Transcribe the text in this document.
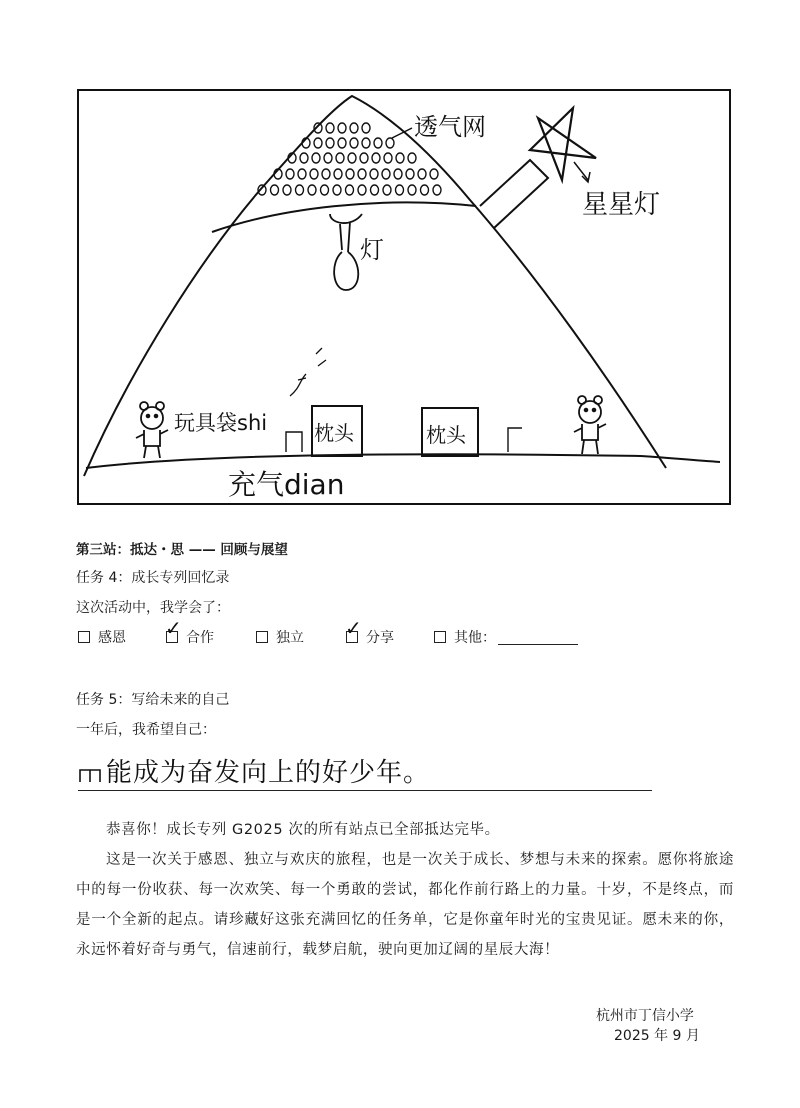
透气网
星星灯
灯
玩具袋shi 枕头	枕头
充气dian
第三站：抵达・思 —— 回顾与展望
任务 4：成长专列回忆录
这次活动中，我学会了：
感恩 ✓ 合作	独立 ✓ 分享	其他：
任务 5：写给未来的自己
一年后，我希望自己：
能成为奋发向上的好少年。
恭喜你！成长专列 G2025 次的所有站点已全部抵达完毕。
这是一次关于感恩、独立与欢庆的旅程，也是一次关于成长、梦想与未来的探索。愿你将旅途中的每一份收获、每一次欢笑、每一个勇敢的尝试，都化作前行路上的力量。十岁，不是终点，而是一个全新的起点。请珍藏好这张充满回忆的任务单，它是你童年时光的宝贵见证。愿未来的你，永远怀着好奇与勇气，信速前行，载梦启航，驶向更加辽阔的星辰大海！
杭州市丁信小学
2025 年 9 月
